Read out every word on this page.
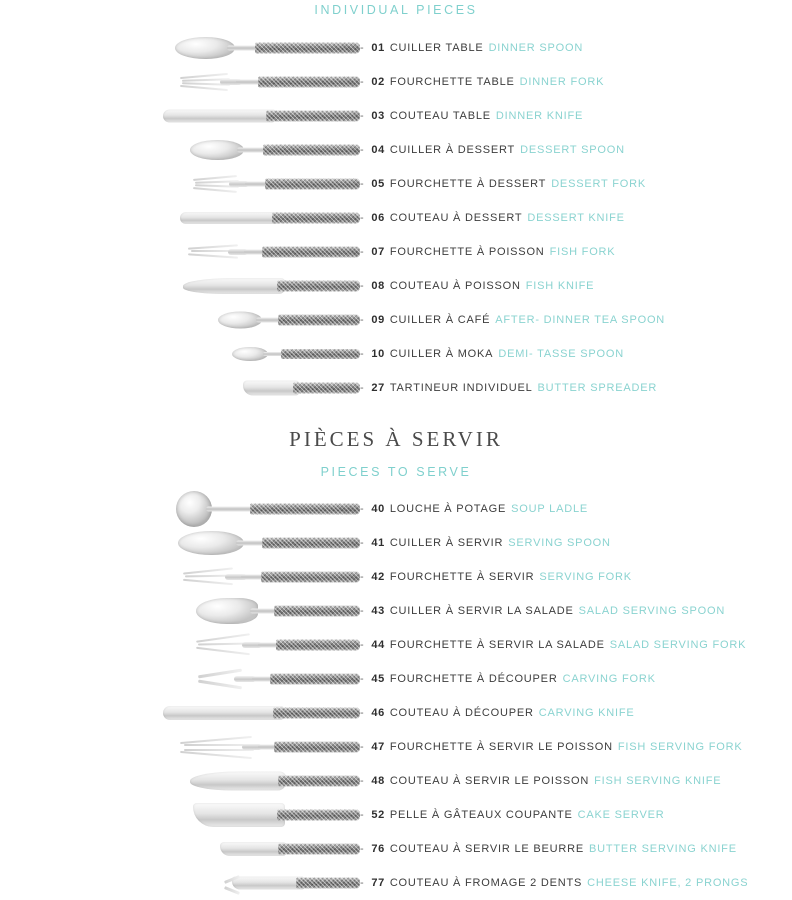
INDIVIDUAL PIECES
- 01 CUILLER TABLE DINNER SPOON
- 02 FOURCHETTE TABLE DINNER FORK
- 03 COUTEAU TABLE DINNER KNIFE
- 04 CUILLER À DESSERT DESSERT SPOON
- 05 FOURCHETTE À DESSERT DESSERT FORK
- 06 COUTEAU À DESSERT DESSERT KNIFE
- 07 FOURCHETTE À POISSON FISH FORK
- 08 COUTEAU À POISSON FISH KNIFE
- 09 CUILLER À CAFÉ AFTER- DINNER TEA SPOON
- 10 CUILLER À MOKA DEMI- TASSE SPOON
- 27 TARTINEUR INDIVIDUEL BUTTER SPREADER
PIÈCES À SERVIR
PIECES TO SERVE
- 40 LOUCHE À POTAGE SOUP LADLE
- 41 CUILLER À SERVIR SERVING SPOON
- 42 FOURCHETTE À SERVIR SERVING FORK
- 43 CUILLER À SERVIR LA SALADE SALAD SERVING SPOON
- 44 FOURCHETTE À SERVIR LA SALADE SALAD SERVING FORK
- 45 FOURCHETTE À DÉCOUPER CARVING FORK
- 46 COUTEAU À DÉCOUPER CARVING KNIFE
- 47 FOURCHETTE À SERVIR LE POISSON FISH SERVING FORK
- 48 COUTEAU À SERVIR LE POISSON FISH SERVING KNIFE
- 52 PELLE À GÂTEAUX COUPANTE CAKE SERVER
- 76 COUTEAU À SERVIR LE BEURRE BUTTER SERVING KNIFE
- 77 COUTEAU À FROMAGE 2 DENTS CHEESE KNIFE, 2 PRONGS
